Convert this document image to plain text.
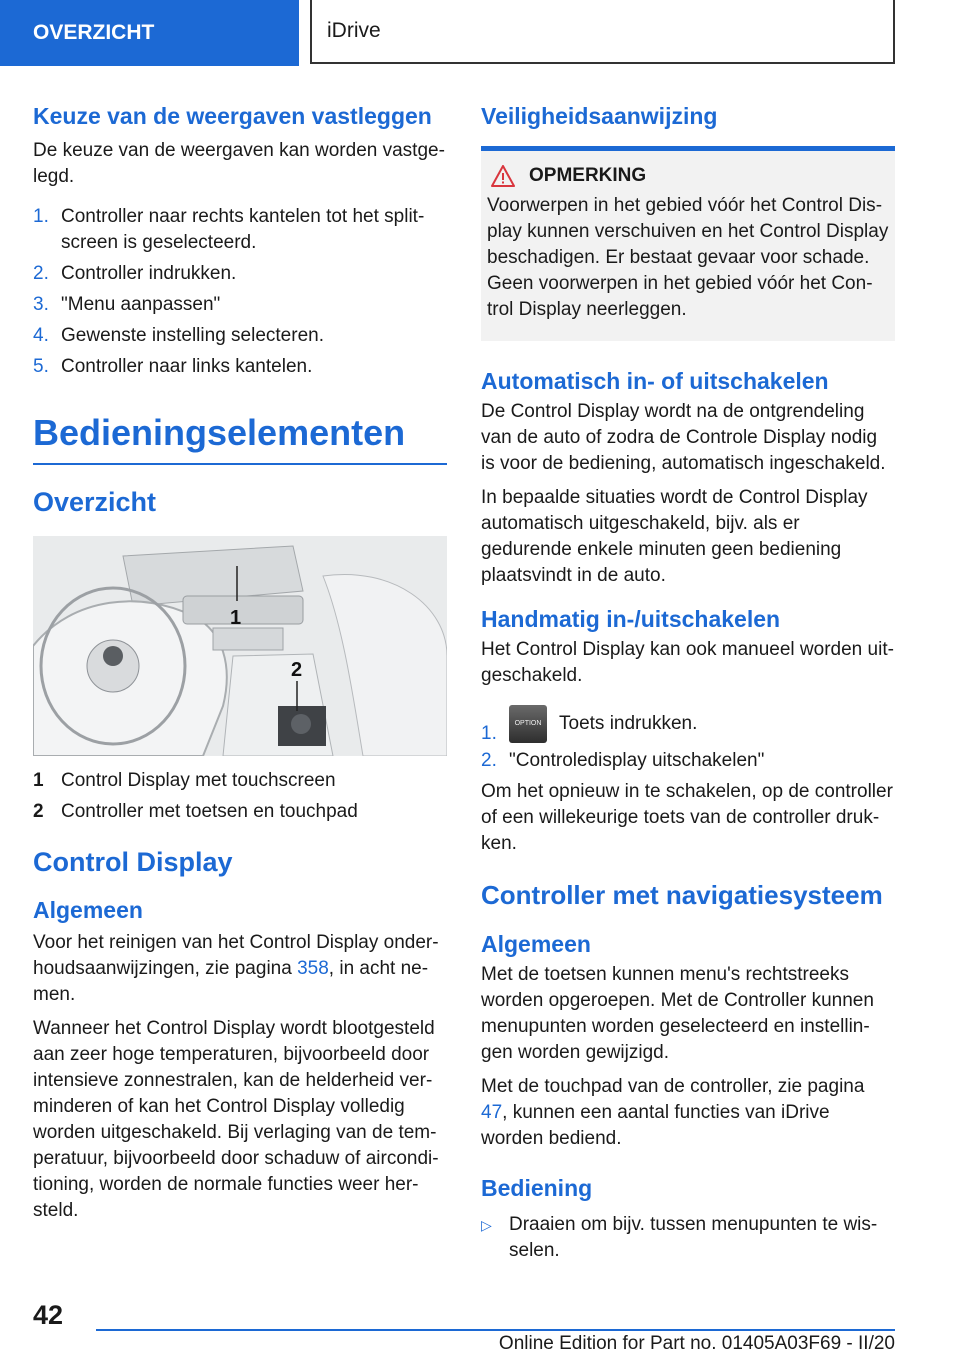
OVERZICHT	iDrive
Keuze van de weergaven vastleggen

De keuze van de weergaven kan worden vastgelegd.

1. Controller naar rechts kantelen tot het splitscreen is geselecteerd.
2. Controller indrukken.
3. "Menu aanpassen"
4. Gewenste instelling selecteren.
5. Controller naar links kantelen.
Bedieningselementen
Overzicht
1
2
1 Control Display met touchscreen
2 Controller met toetsen en touchpad
Control Display
Algemeen

Voor het reinigen van het Control Display onderhoudsaanwijzingen, zie pagina 358, in acht nemen.

Wanneer het Control Display wordt blootgesteld aan zeer hoge temperaturen, bijvoorbeeld door intensieve zonnestralen, kan de helderheid verminderen of kan het Control Display volledig worden uitgeschakeld. Bij verlaging van de temperatuur, bijvoorbeeld door schaduw of airconditioning, worden de normale functies weer hersteld.

Veiligheidsaanwijzing
OPMERKING

Voorwerpen in het gebied vóór het Control Display kunnen verschuiven en het Control Display beschadigen. Er bestaat gevaar voor schade. Geen voorwerpen in het gebied vóór het Control Display neerleggen.

Automatisch in- of uitschakelen

De Control Display wordt na de ontgrendeling van de auto of zodra de Controle Display nodig is voor de bediening, automatisch ingeschakeld.

In bepaalde situaties wordt de Control Display automatisch uitgeschakeld, bijv. als er gedurende enkele minuten geen bediening plaatsvindt in de auto.

Handmatig in-/uitschakelen

Het Control Display kan ook manueel worden uitgeschakeld.

1.	OPTION Toets indrukken.
2. "Controledisplay uitschakelen"

Om het opnieuw in te schakelen, op de controller of een willekeurige toets van de controller drukken.

Controller met navigatiesysteem
Algemeen

Met de toetsen kunnen menu's rechtstreeks worden opgeroepen. Met de Controller kunnen menupunten worden geselecteerd en instellingen worden gewijzigd.

Met de touchpad van de controller, zie pagina 47, kunnen een aantal functies van iDrive worden bediend.

Bediening
▷ Draaien om bijv. tussen menupunten te wisselen.
42
Online Edition for Part no. 01405A03F69 - II/20
